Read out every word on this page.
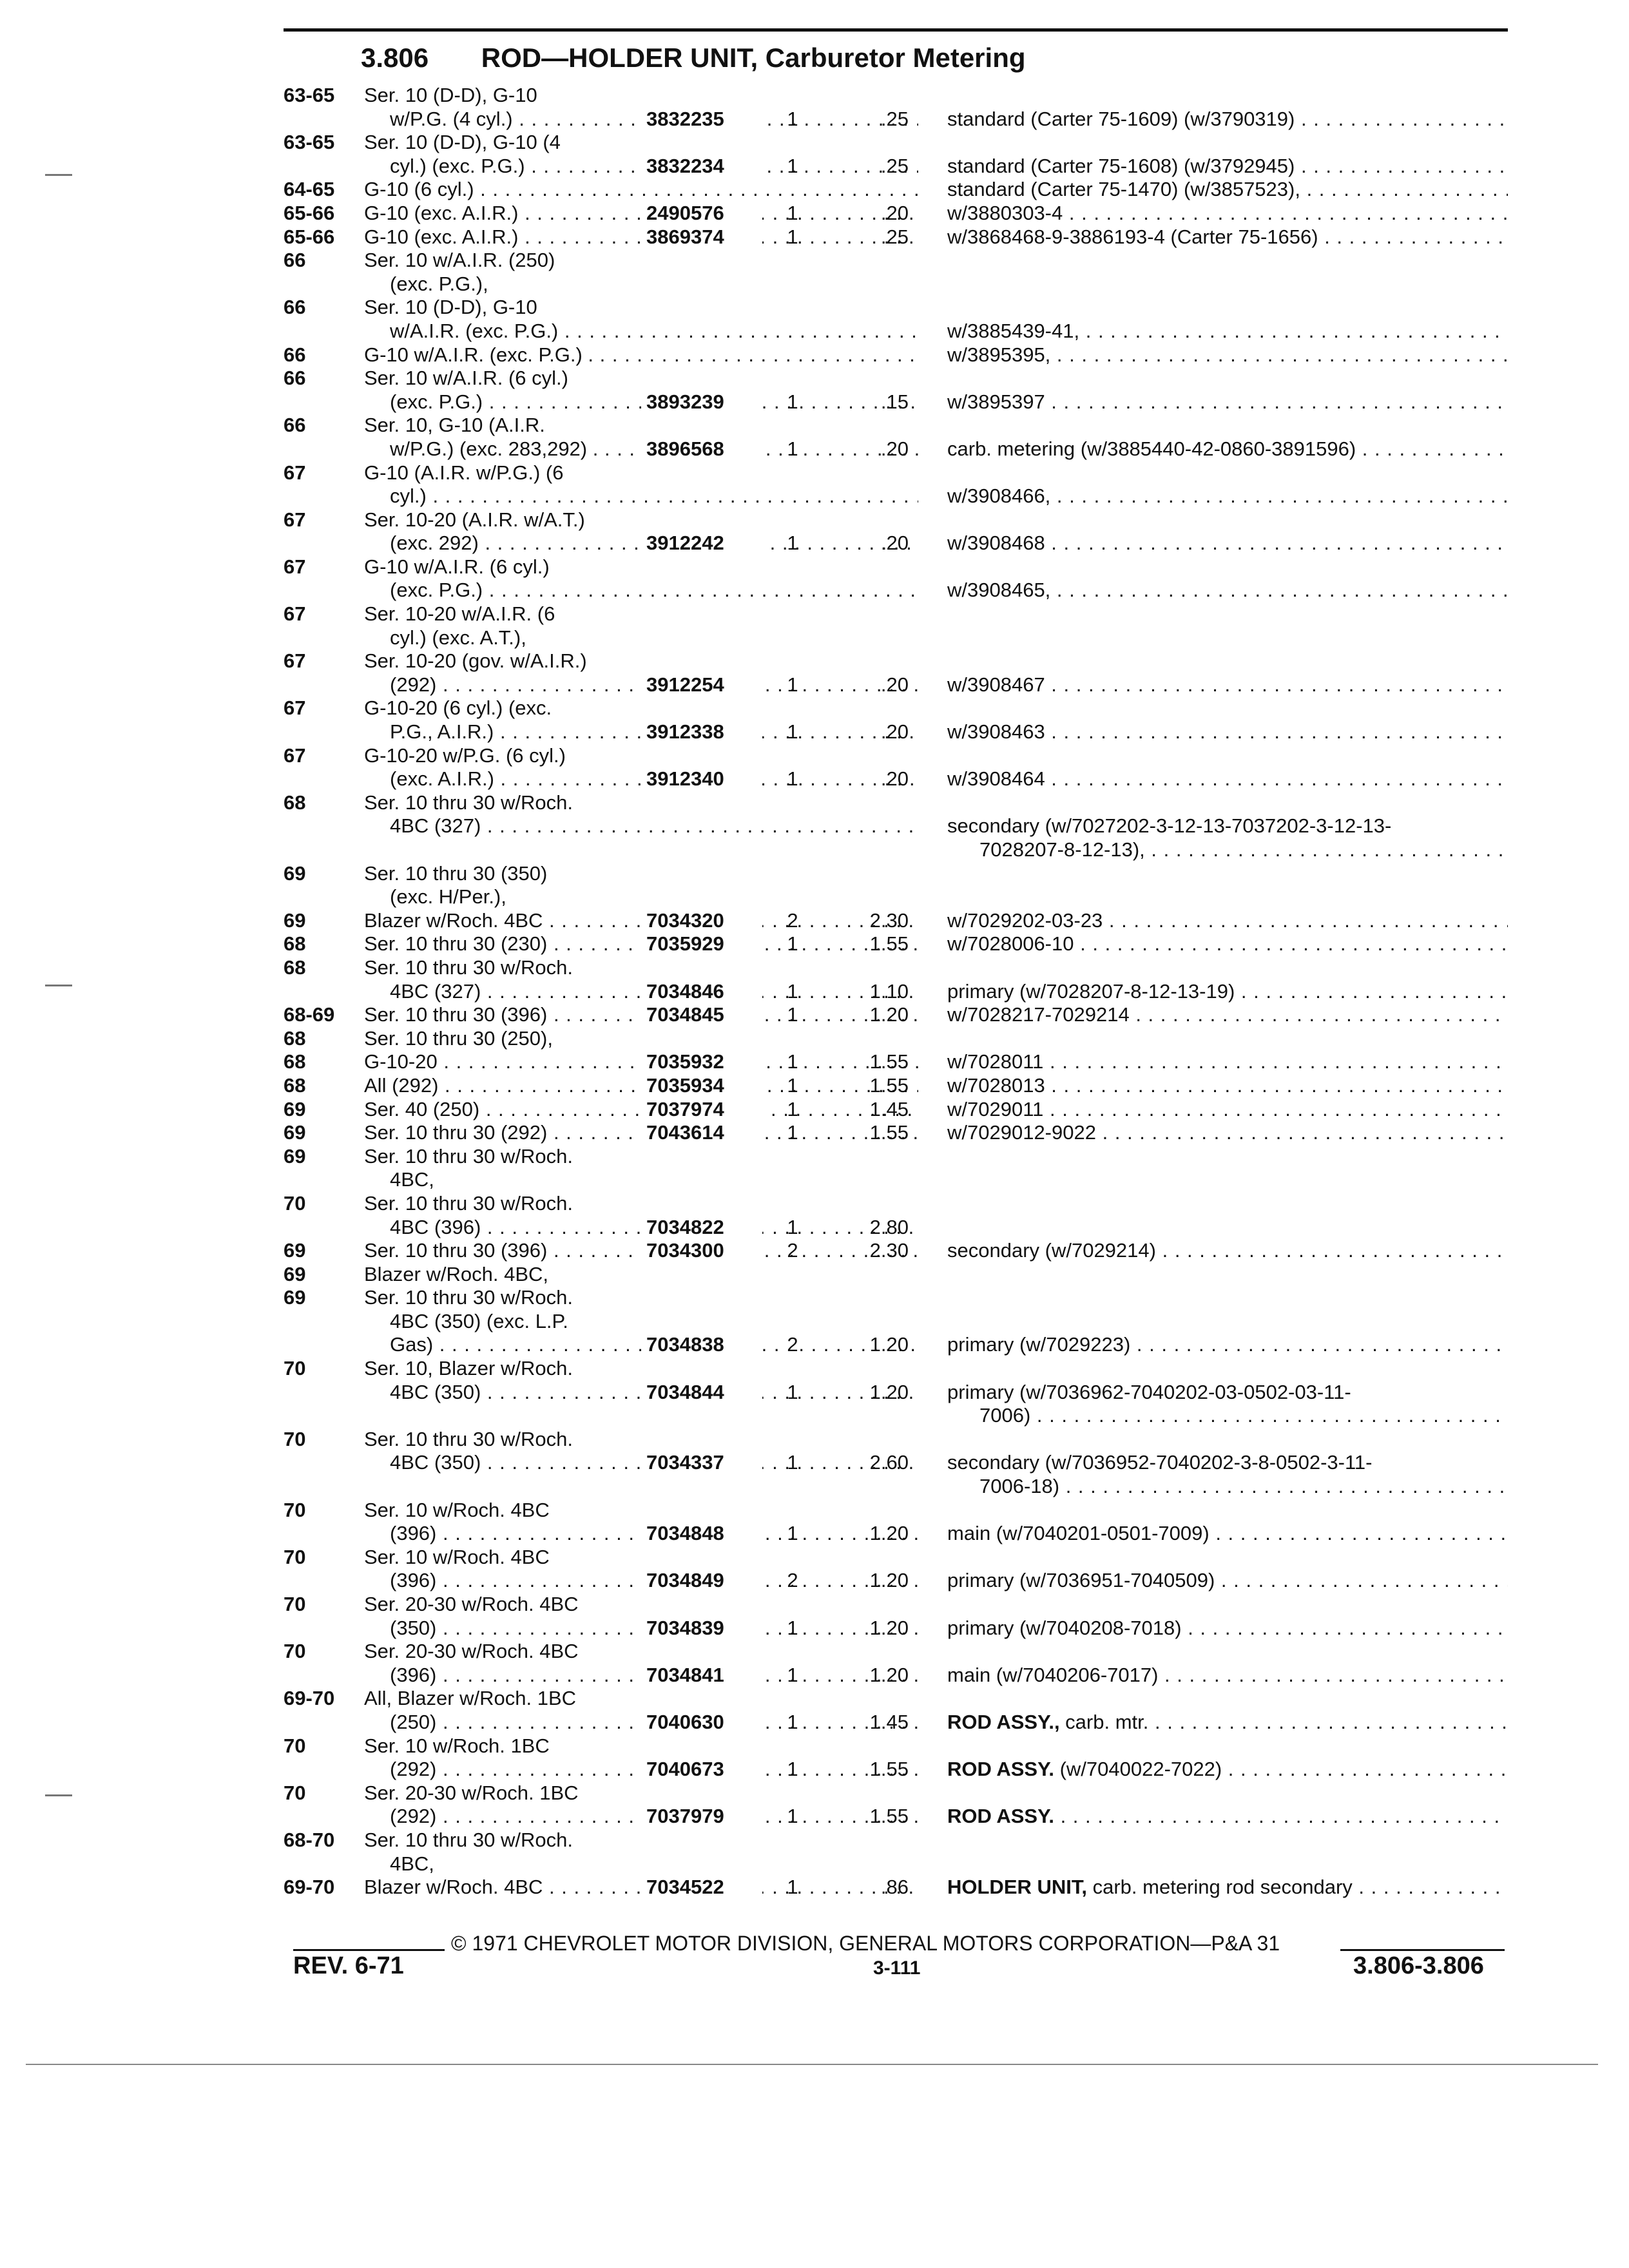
3.806 ROD—HOLDER UNIT, Carburetor Metering
63-65	Ser. 10 (D-D), G-10
w/P.G. (4 cyl.) . . .	3832235	1	.25 standard (Carter 75-1609) (w/3790319) . . .
63-65	Ser. 10 (D-D), G-10 (4
cyl.) (exc. P.G.) . . .	3832234	1	.25 standard (Carter 75-1608) (w/3792945) . . .
64-65	G-10 (6 cyl.) . . .	standard (Carter 75-1470) (w/3857523), . . .
65-66	G-10 (exc. A.I.R.) . . .	2490576	1	.20 w/3880303-4 . . .
65-66	G-10 (exc. A.I.R.) . . .	3869374	1	.25 w/3868468-9-3886193-4 (Carter 75-1656) . . .
66	Ser. 10 w/A.I.R. (250)
(exc. P.G.),
66	Ser. 10 (D-D), G-10
w/A.I.R. (exc. P.G.) . . .	w/3885439-41, . . .
66	G-10 w/A.I.R. (exc. P.G.) . . . .	w/3895395, . . .
66	Ser. 10 w/A.I.R. (6 cyl.)
(exc. P.G.) . . .	3893239	1	.15 w/3895397 . . .
66	Ser. 10, G-10 (A.I.R.
w/P.G.) (exc. 283,292) . . . .	3896568	1	.20 carb. metering (w/3885440-42-0860-3891596) . . .
67	G-10 (A.I.R. w/P.G.) (6
cyl.) . . .	w/3908466, . . .
67	Ser. 10-20 (A.I.R. w/A.T.)
(exc. 292) . . .	3912242	1	.20 w/3908468 . . .
67	G-10 w/A.I.R. (6 cyl.)
(exc. P.G.) . . .	w/3908465, . . .
67	Ser. 10-20 w/A.I.R. (6
cyl.) (exc. A.T.),
67	Ser. 10-20 (gov. w/A.I.R.)
(292) . . .	3912254	1	.20 w/3908467 . . .
67	G-10-20 (6 cyl.) (exc.
P.G., A.I.R.) . . .	3912338	1	.20 w/3908463 . . .
67	G-10-20 w/P.G. (6 cyl.)
(exc. A.I.R.) . . .	3912340	1	.20 w/3908464 . . .
68	Ser. 10 thru 30 w/Roch.
4BC (327) . . .	secondary (w/7027202-3-12-13-7037202-3-12-13-
7028207-8-12-13), . . .
69	Ser. 10 thru 30 (350)
(exc. H/Per.),
69	Blazer w/Roch. 4BC . . .	7034320	2	2.30 w/7029202-03-23 . . .
68	Ser. 10 thru 30 (230) . . .	7035929	1	1.55 w/7028006-10 . . .
68	Ser. 10 thru 30 w/Roch.
4BC (327) . . .	7034846	1	1.10 primary (w/7028207-8-12-13-19) . . .
68-69	Ser. 10 thru 30 (396) . . .	7034845	1	1.20 w/7028217-7029214 . . .
68	Ser. 10 thru 30 (250),
68	G-10-20 . . .	7035932	1	1.55 w/7028011 . . .
68	All (292) . . .	7035934	1	1.55 w/7028013 . . .
69	Ser. 40 (250) . . .	7037974	1	1.45 w/7029011 . . .
69	Ser. 10 thru 30 (292) . . .	7043614	1	1.55 w/7029012-9022 . . .
69	Ser. 10 thru 30 w/Roch.
4BC,
70	Ser. 10 thru 30 w/Roch.
4BC (396) . . .	7034822	1	2.80
69	Ser. 10 thru 30 (396) . . .	7034300	2	2.30 secondary (w/7029214) . . .
69	Blazer w/Roch. 4BC,
69	Ser. 10 thru 30 w/Roch.
4BC (350) (exc. L.P.
Gas) . . .	7034838	2	1.20 primary (w/7029223) . . .
70	Ser. 10, Blazer w/Roch.
4BC (350) . . .	7034844	1	1.20 primary (w/7036962-7040202-03-0502-03-11-
7006) . . .
70	Ser. 10 thru 30 w/Roch.
4BC (350) . . .	7034337	1	2.60 secondary (w/7036952-7040202-3-8-0502-3-11-
7006-18) . . .
70	Ser. 10 w/Roch. 4BC
(396) . . .	7034848	1	1.20 main (w/7040201-0501-7009) . . .
70	Ser. 10 w/Roch. 4BC
(396) . . .	7034849	2	1.20 primary (w/7036951-7040509) . . .
70	Ser. 20-30 w/Roch. 4BC
(350) . . .	7034839	1	1.20 primary (w/7040208-7018) . . .
70	Ser. 20-30 w/Roch. 4BC
(396) . . .	7034841	1	1.20 main (w/7040206-7017) . . .
69-70	All, Blazer w/Roch. 1BC
(250) . . .	7040630	1	1.45 ROD ASSY., carb. mtr. . . .
70	Ser. 10 w/Roch. 1BC
(292) . . .	7040673	1	1.55 ROD ASSY. (w/7040022-7022) . . .
70	Ser. 20-30 w/Roch. 1BC
(292) . . .	7037979	1	1.55 ROD ASSY. . . .
68-70	Ser. 10 thru 30 w/Roch.
4BC,
69-70	Blazer w/Roch. 4BC . . .	7034522	1	.86 HOLDER UNIT, carb. metering rod secondary . . .
© 1971 CHEVROLET MOTOR DIVISION, GENERAL MOTORS CORPORATION—P&A 31
REV. 6-71	3-111	3.806-3.806
